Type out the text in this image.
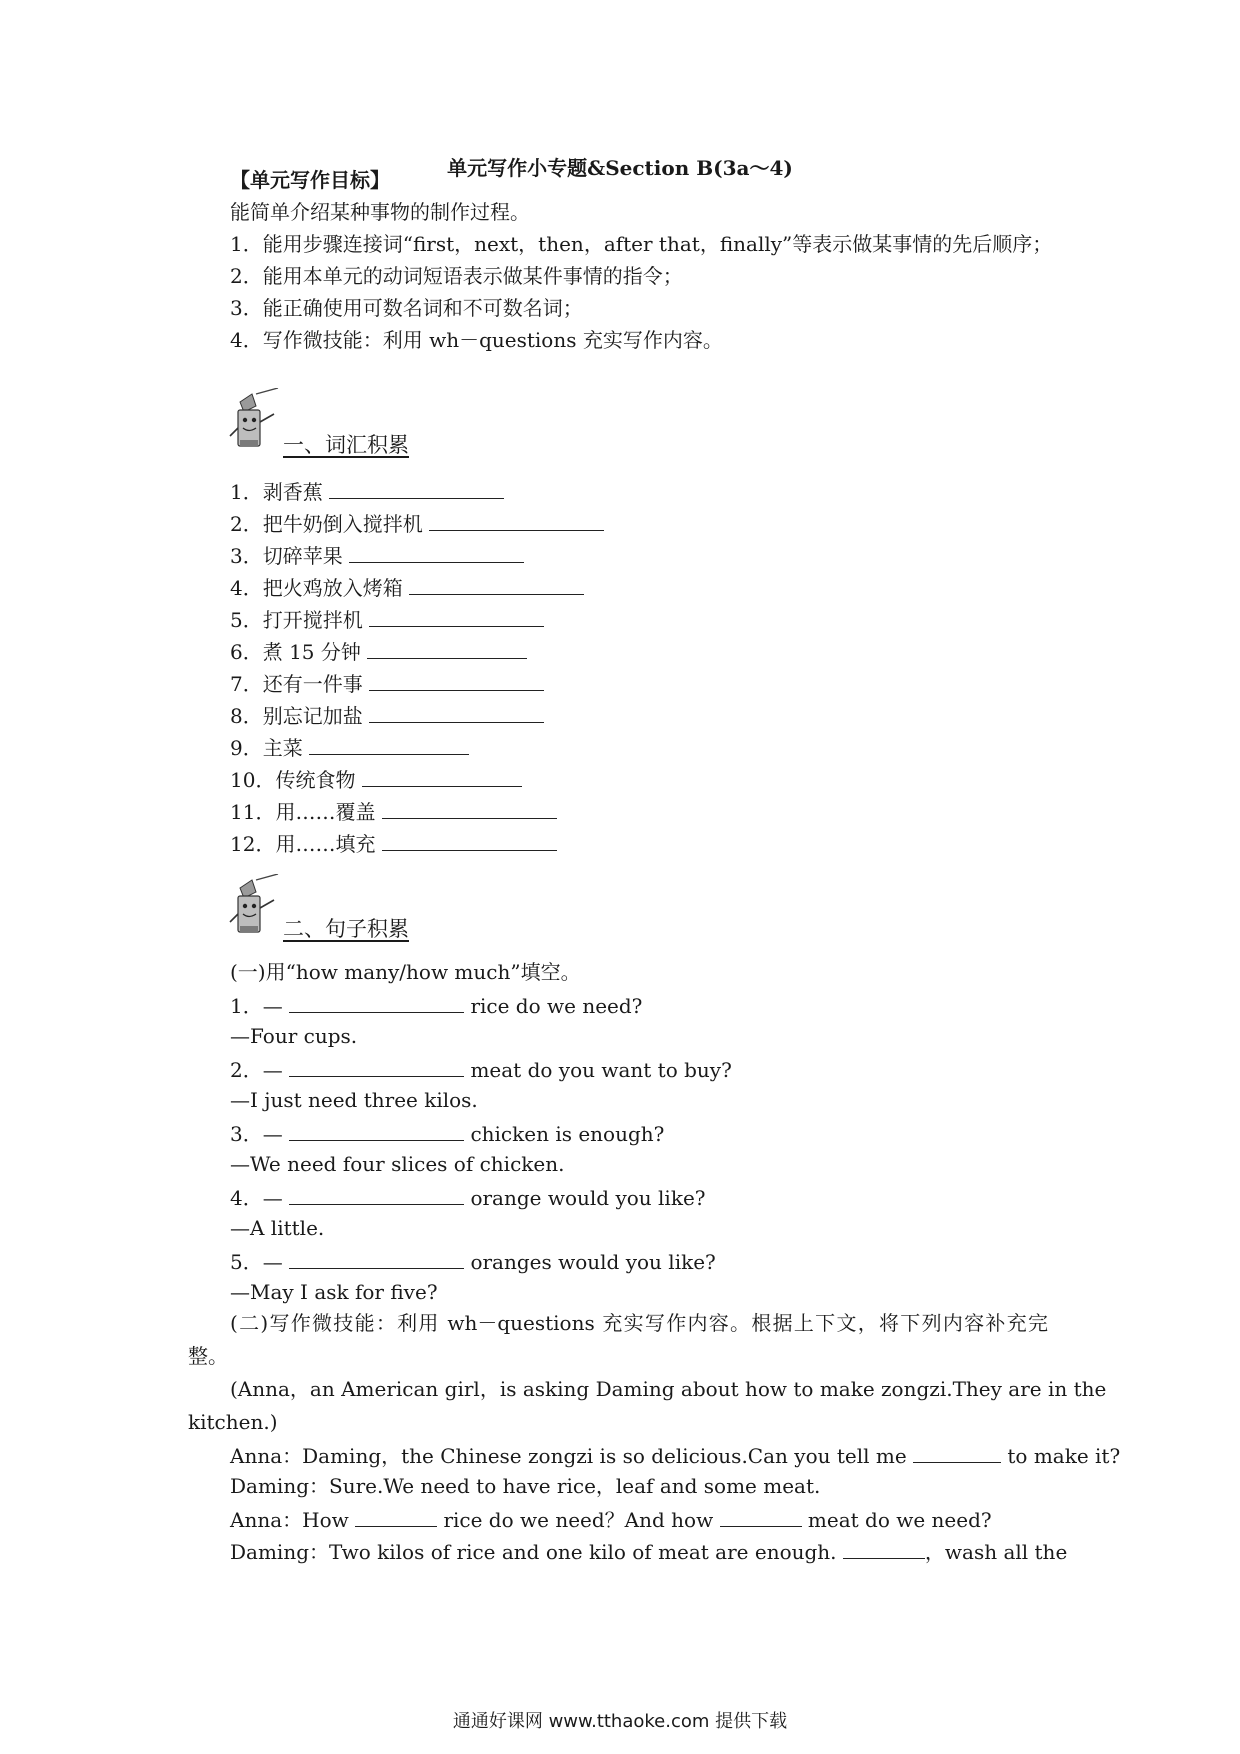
单元写作小专题&Section B(3a～4)
【单元写作目标】
能简单介绍某种事物的制作过程。
1．能用步骤连接词“first，next，then，after that，finally”等表示做某事情的先后顺序；
2．能用本单元的动词短语表示做某件事情的指令；
3．能正确使用可数名词和不可数名词；
4．写作微技能：利用 wh－questions 充实写作内容。
一、词汇积累
1．剥香蕉
2．把牛奶倒入搅拌机
3．切碎苹果
4．把火鸡放入烤箱
5．打开搅拌机
6．煮 15 分钟
7．还有一件事
8．别忘记加盐
9．主菜
10．传统食物
11．用……覆盖
12．用……填充
二、句子积累
(一)用“how many/how much”填空。
1．—	rice do we need?
—Four cups.
2．—	meat do you want to buy?
—I just need three kilos.
3．—	chicken is enough?
—We need four slices of chicken.
4．—	orange would you like?
—A little.
5．—	oranges would you like?
—May I ask for five?
(二)写作微技能：利用 wh－questions 充实写作内容。根据上下文，将下列内容补充完
整。
(Anna，an American girl，is asking Daming about how to make zongzi.They are in the
kitchen.)
Anna：Daming，the Chinese zongzi is so delicious.Can you tell me	to make it?
Daming：Sure.We need to have rice，leaf and some meat.
Anna：How	rice do we need？And how	meat do we need?
Daming：Two kilos of rice and one kilo of meat are enough.	，wash all the
通通好课网 www.tthaoke.com 提供下载
